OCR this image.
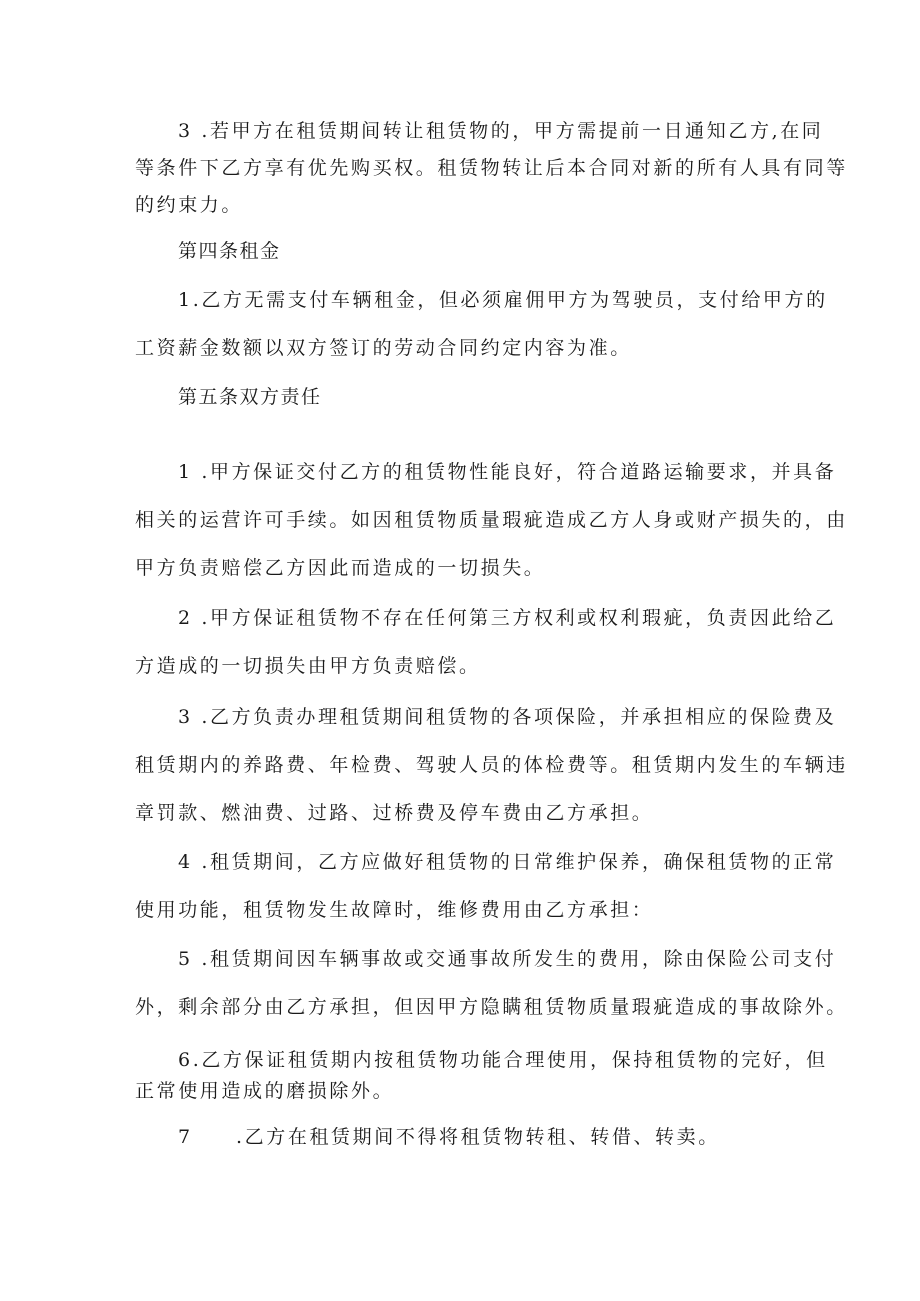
3 .若甲方在租赁期间转让租赁物的，甲方需提前一日通知乙方,在同
等条件下乙方享有优先购买权。租赁物转让后本合同对新的所有人具有同等
的约束力。
第四条租金
1.乙方无需支付车辆租金，但必须雇佣甲方为驾驶员，支付给甲方的
工资薪金数额以双方签订的劳动合同约定内容为准。
第五条双方责任
1 .甲方保证交付乙方的租赁物性能良好，符合道路运输要求，并具备
相关的运营许可手续。如因租赁物质量瑕疵造成乙方人身或财产损失的，由
甲方负责赔偿乙方因此而造成的一切损失。
2 .甲方保证租赁物不存在任何第三方权利或权利瑕疵，负责因此给乙
方造成的一切损失由甲方负责赔偿。
3 .乙方负责办理租赁期间租赁物的各项保险，并承担相应的保险费及
租赁期内的养路费、年检费、驾驶人员的体检费等。租赁期内发生的车辆违
章罚款、燃油费、过路、过桥费及停车费由乙方承担。
4 .租赁期间，乙方应做好租赁物的日常维护保养，确保租赁物的正常
使用功能，租赁物发生故障时，维修费用由乙方承担：
5 .租赁期间因车辆事故或交通事故所发生的费用，除由保险公司支付
外，剩余部分由乙方承担，但因甲方隐瞒租赁物质量瑕疵造成的事故除外。
6.乙方保证租赁期内按租赁物功能合理使用，保持租赁物的完好，但
正常使用造成的磨损除外。
7 .乙方在租赁期间不得将租赁物转租、转借、转卖。
